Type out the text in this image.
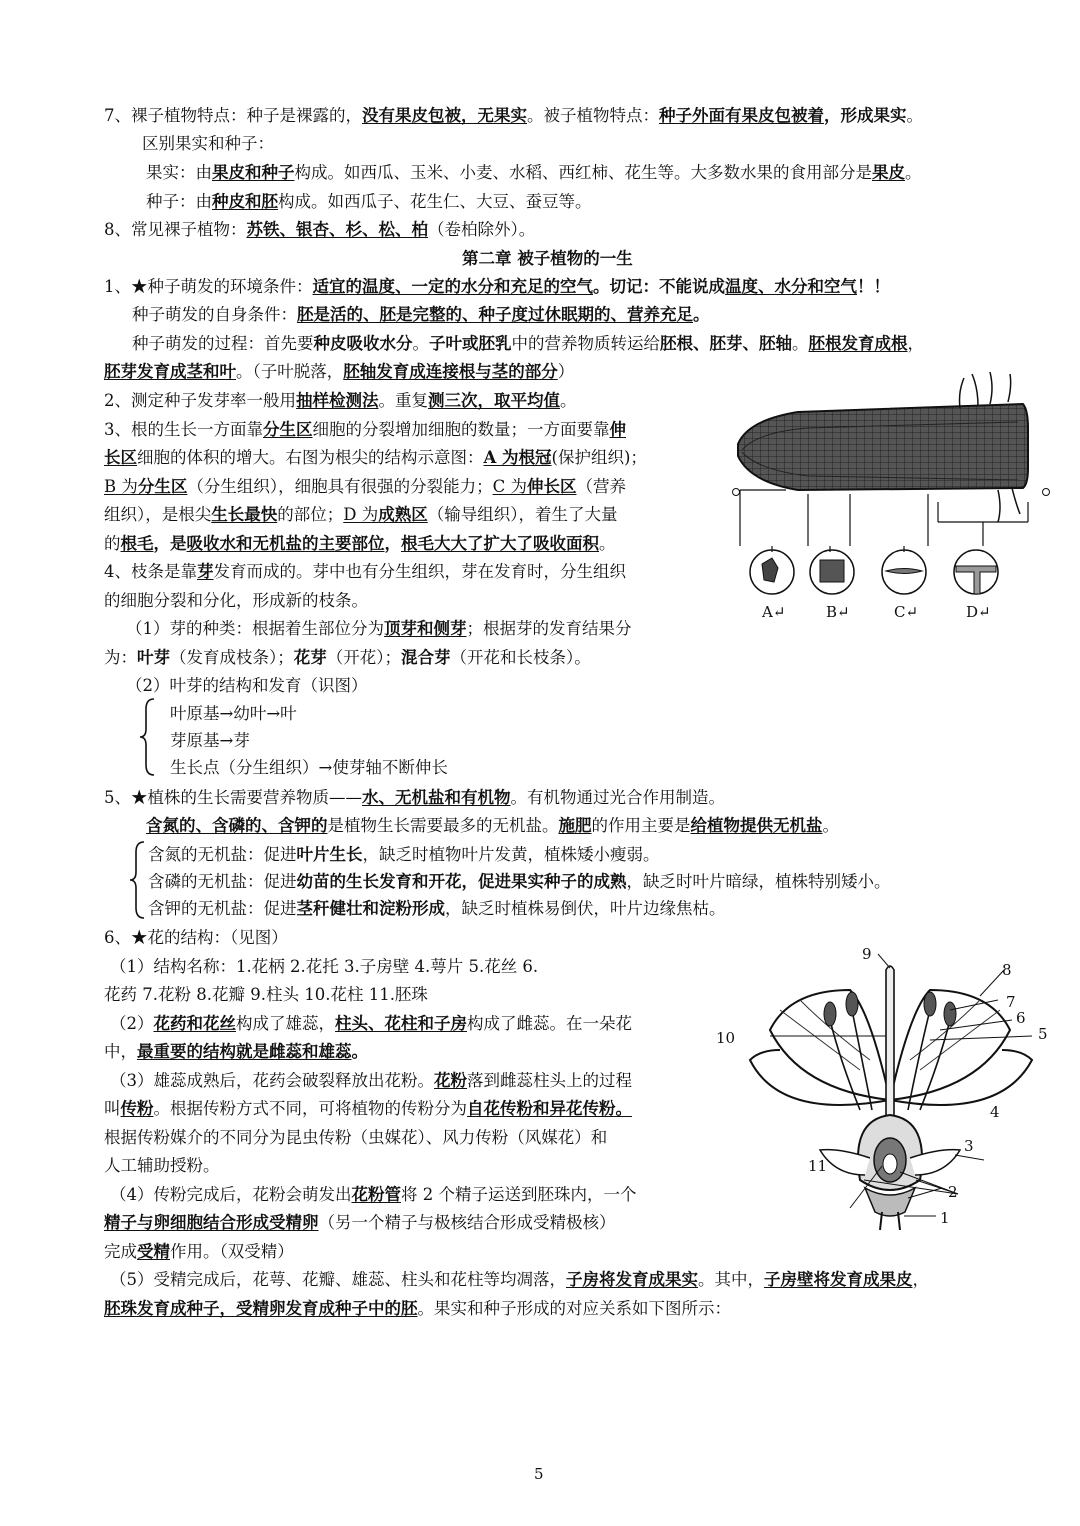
7、裸子植物特点：种子是裸露的，没有果皮包被，无果实。被子植物特点：种子外面有果皮包被着，形成果实。
区别果实和种子：
果实：由果皮和种子构成。如西瓜、玉米、小麦、水稻、西红柿、花生等。大多数水果的食用部分是果皮。
种子：由种皮和胚构成。如西瓜子、花生仁、大豆、蚕豆等。
8、常见裸子植物：苏铁、银杏、杉、松、柏（卷柏除外）。
第二章 被子植物的一生
1、★种子萌发的环境条件：适宜的温度、一定的水分和充足的空气。切记：不能说成温度、水分和空气！！
种子萌发的自身条件：胚是活的、胚是完整的、种子度过休眠期的、营养充足。
种子萌发的过程：首先要种皮吸收水分。子叶或胚乳中的营养物质转运给胚根、胚芽、胚轴。胚根发育成根，
胚芽发育成茎和叶。（子叶脱落，胚轴发育成连接根与茎的部分）
2、测定种子发芽率一般用抽样检测法。重复测三次，取平均值。
3、根的生长一方面靠分生区细胞的分裂增加细胞的数量；一方面要靠伸
长区细胞的体积的增大。右图为根尖的结构示意图：A 为根冠(保护组织)；
B 为分生区（分生组织），细胞具有很强的分裂能力；C 为伸长区（营养
组织），是根尖生长最快的部位；D 为成熟区（输导组织），着生了大量
的根毛，是吸收水和无机盐的主要部位，根毛大大了扩大了吸收面积。
4、枝条是靠芽发育而成的。芽中也有分生组织，芽在发育时，分生组织
的细胞分裂和分化，形成新的枝条。
（1）芽的种类：根据着生部位分为顶芽和侧芽；根据芽的发育结果分
为：叶芽（发育成枝条）；花芽（开花）；混合芽（开花和长枝条）。
（2）叶芽的结构和发育（识图）
叶原基→幼叶→叶
芽原基→芽
生长点（分生组织）→使芽轴不断伸长
5、★植株的生长需要营养物质——水、无机盐和有机物。有机物通过光合作用制造。
含氮的、含磷的、含钾的是植物生长需要最多的无机盐。施肥的作用主要是给植物提供无机盐。
含氮的无机盐：促进叶片生长，缺乏时植物叶片发黄，植株矮小瘦弱。
含磷的无机盐：促进幼苗的生长发育和开花，促进果实种子的成熟，缺乏时叶片暗绿，植株特别矮小。
含钾的无机盐：促进茎秆健壮和淀粉形成，缺乏时植株易倒伏，叶片边缘焦枯。
6、★花的结构：（见图）
（1）结构名称：1.花柄 2.花托 3.子房壁 4.萼片 5.花丝 6.
花药 7.花粉 8.花瓣 9.柱头 10.花柱 11.胚珠
（2）花药和花丝构成了雄蕊，柱头、花柱和子房构成了雌蕊。在一朵花
中，最重要的结构就是雌蕊和雄蕊。
（3）雄蕊成熟后，花药会破裂释放出花粉。花粉落到雌蕊柱头上的过程
叫传粉。根据传粉方式不同，可将植物的传粉分为自花传粉和异花传粉。
根据传粉媒介的不同分为昆虫传粉（虫媒花）、风力传粉（风媒花）和
人工辅助授粉。
（4）传粉完成后，花粉会萌发出花粉管将 2 个精子运送到胚珠内，一个
精子与卵细胞结合形成受精卵（另一个精子与极核结合形成受精极核）
完成受精作用。（双受精）
（5）受精完成后，花萼、花瓣、雄蕊、柱头和花柱等均凋落，子房将发育成果实。其中，子房壁将发育成果皮，
胚珠发育成种子，受精卵发育成种子中的胚。果实和种子形成的对应关系如下图所示：
A↵	B↵	C↵	D↵
9
8
7
6
5
10
4
3
11
2
1
5
